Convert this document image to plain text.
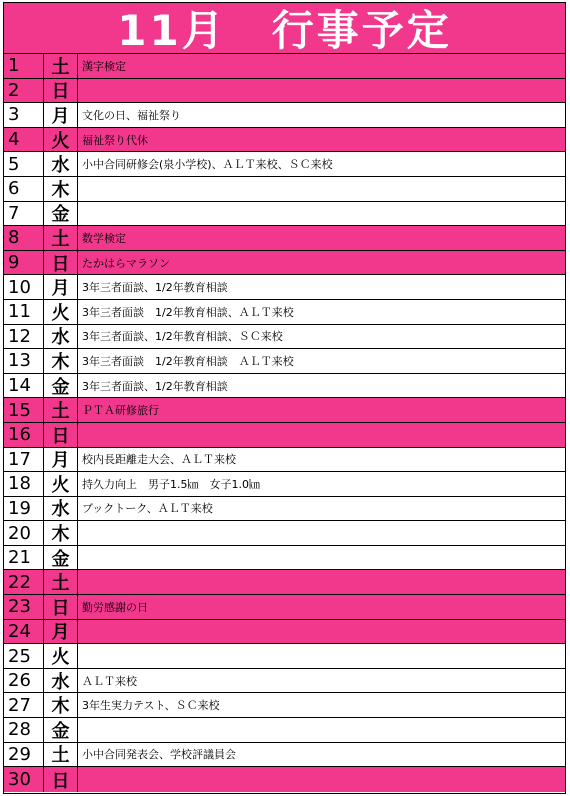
11月　行事予定
1	土	漢字検定
2	日
3	月	文化の日、福祉祭り
4	火	福祉祭り代休
5	水	小中合同研修会(泉小学校)、ＡＬＴ来校、ＳＣ来校
6	木
7	金
8	土	数学検定
9	日	たかはらマラソン
10	月	3年三者面談、1/2年教育相談
11	火	3年三者面談　1/2年教育相談、ＡＬＴ来校
12	水	3年三者面談、1/2年教育相談、ＳＣ来校
13	木	3年三者面談　1/2年教育相談　ＡＬＴ来校
14	金	3年三者面談、1/2年教育相談
15	土	ＰＴＡ研修旅行
16	日
17	月	校内長距離走大会、ＡＬＴ来校
18	火	持久力向上　男子1.5㎞　女子1.0㎞
19	水	ブックトーク、ＡＬＴ来校
20	木
21	金
22	土
23	日	勤労感謝の日
24	月
25	火
26	水	ＡＬＴ来校
27	木	3年生実力テスト、ＳＣ来校
28	金
29	土	小中合同発表会、学校評議員会
30	日
